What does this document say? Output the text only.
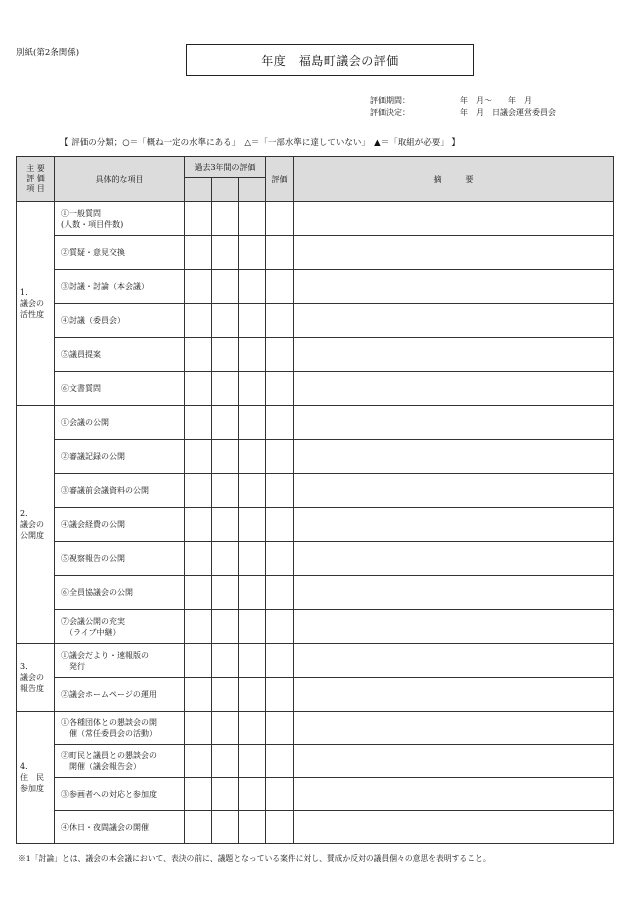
別紙(第2条関係)
年度　福島町議会の評価
評価期間：	年　月～　　年　月
評価決定：	年　月　日議会運営委員会
【 評価の分類；○＝「概ね一定の水準にある」　△＝「一部水準に達していない」　▲＝「取組が必要」 】
主 要
評 価
項 目	具体的な項目	過去3年間の評価			評価	摘　　　要

1．
議会の
活性度	①一般質問
(人数・項目件数)					
	②質疑・意見交換					
	③討議・討論（本会議）					
	④討議（委員会）					
	⑤議員提案					
	⑥文書質問					
2．
議会の
公開度	①会議の公開					
	②審議記録の公開					
	③審議前会議資料の公開					
	④議会経費の公開					
	⑤視察報告の公開					
	⑥全員協議会の公開					
	⑦会議公開の充実
　（ライブ中継）					
3．
議会の
報告度	①議会だより・速報版の
　発行					
	②議会ホームページの運用					
4．
住　民
参加度	①各種団体との懇談会の開
　催（常任委員会の活動）					
	②町民と議員との懇談会の
　開催（議会報告会）					
	③参画者への対応と参加度					
	④休日・夜間議会の開催					
※1「討論」とは、議会の本会議において、表決の前に、議題となっている案件に対し、賛成か反対の議員個々の意思を表明すること。
